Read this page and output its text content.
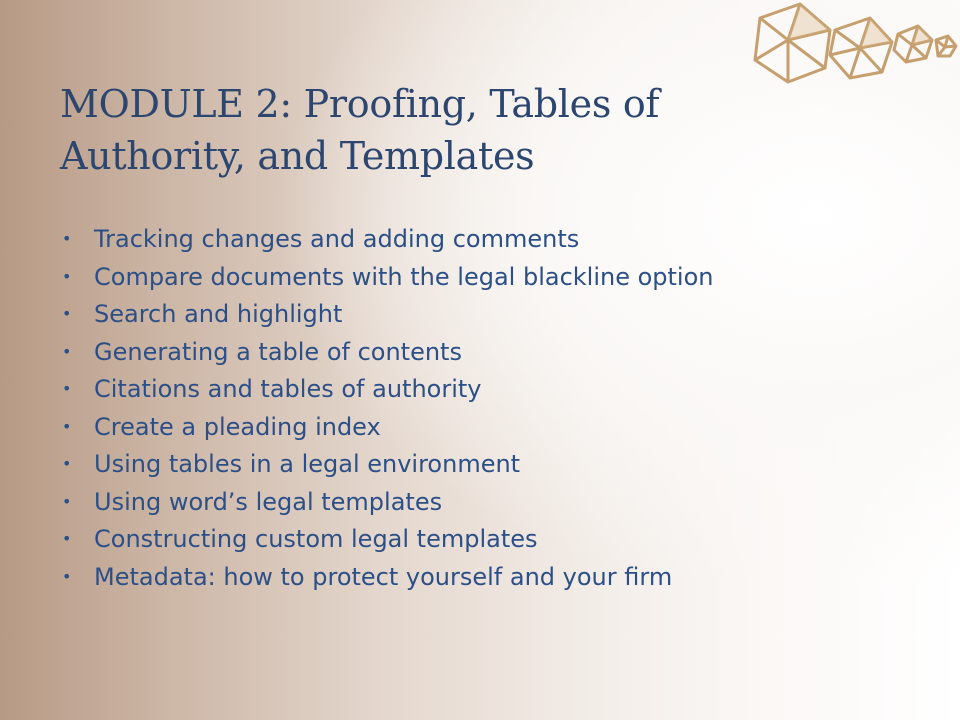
MODULE 2: Proofing, Tables of Authority, and Templates
• Tracking changes and adding comments
• Compare documents with the legal blackline option
• Search and highlight
• Generating a table of contents
• Citations and tables of authority
• Create a pleading index
• Using tables in a legal environment
• Using word’s legal templates
• Constructing custom legal templates
• Metadata: how to protect yourself and your firm
